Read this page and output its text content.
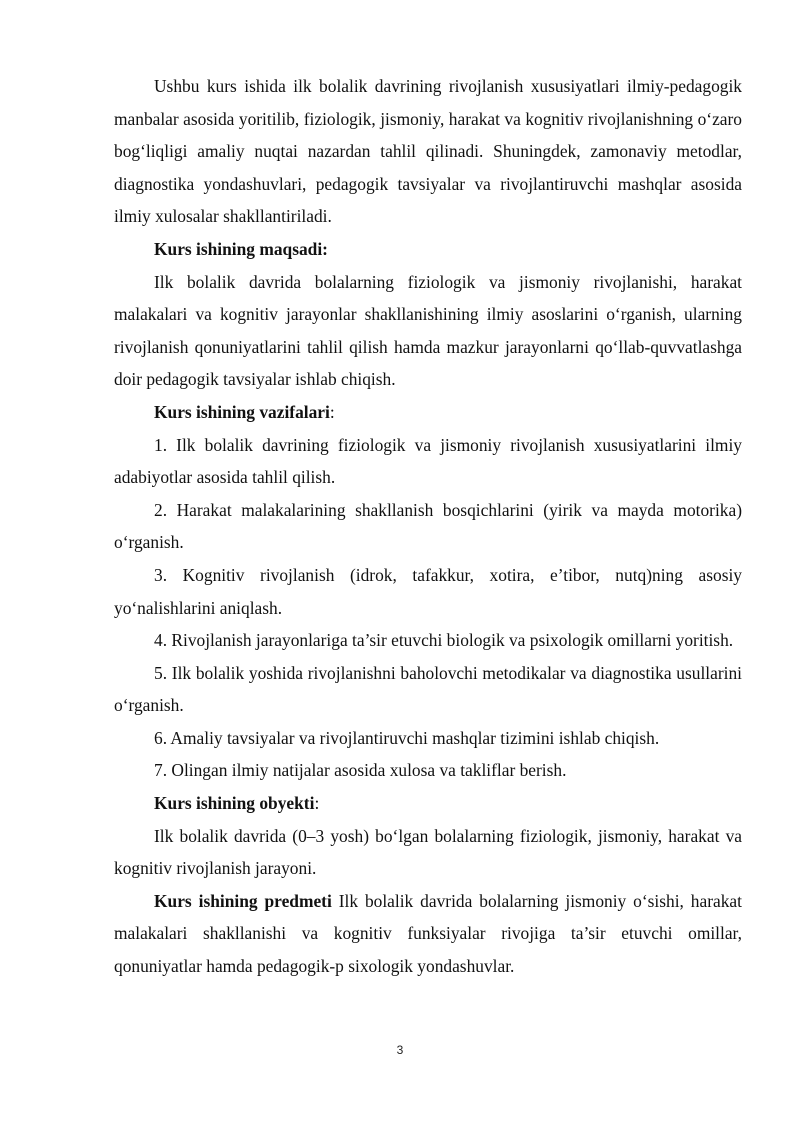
Ushbu kurs ishida ilk bolalik davrining rivojlanish xususiyatlari ilmiy-pedagogik manbalar asosida yoritilib, fiziologik, jismoniy, harakat va kognitiv rivojlanishning o‘zaro bog‘liqligi amaliy nuqtai nazardan tahlil qilinadi. Shuningdek, zamonaviy metodlar, diagnostika yondashuvlari, pedagogik tavsiyalar va rivojlantiruvchi mashqlar asosida ilmiy xulosalar shakllantiriladi.

Kurs ishining maqsadi:

Ilk bolalik davrida bolalarning fiziologik va jismoniy rivojlanishi, harakat malakalari va kognitiv jarayonlar shakllanishining ilmiy asoslarini o‘rganish, ularning rivojlanish qonuniyatlarini tahlil qilish hamda mazkur jarayonlarni qo‘llab-quvvatlashga doir pedagogik tavsiyalar ishlab chiqish.

Kurs ishining vazifalari:

1. Ilk bolalik davrining fiziologik va jismoniy rivojlanish xususiyatlarini ilmiy adabiyotlar asosida tahlil qilish.

2. Harakat malakalarining shakllanish bosqichlarini (yirik va mayda motorika) o‘rganish.

3. Kognitiv rivojlanish (idrok, tafakkur, xotira, e’tibor, nutq)ning asosiy yo‘nalishlarini aniqlash.

4. Rivojlanish jarayonlariga ta’sir etuvchi biologik va psixologik omillarni yoritish.

5. Ilk bolalik yoshida rivojlanishni baholovchi metodikalar va diagnostika usullarini o‘rganish.

6. Amaliy tavsiyalar va rivojlantiruvchi mashqlar tizimini ishlab chiqish.

7. Olingan ilmiy natijalar asosida xulosa va takliflar berish.

Kurs ishining obyekti:

Ilk bolalik davrida (0–3 yosh) bo‘lgan bolalarning fiziologik, jismoniy, harakat va kognitiv rivojlanish jarayoni.

Kurs ishining predmeti Ilk bolalik davrida bolalarning jismoniy o‘sishi, harakat malakalari shakllanishi va kognitiv funksiyalar rivojiga ta’sir etuvchi omillar, qonuniyatlar hamda pedagogik-p sixologik yondashuvlar.

3
